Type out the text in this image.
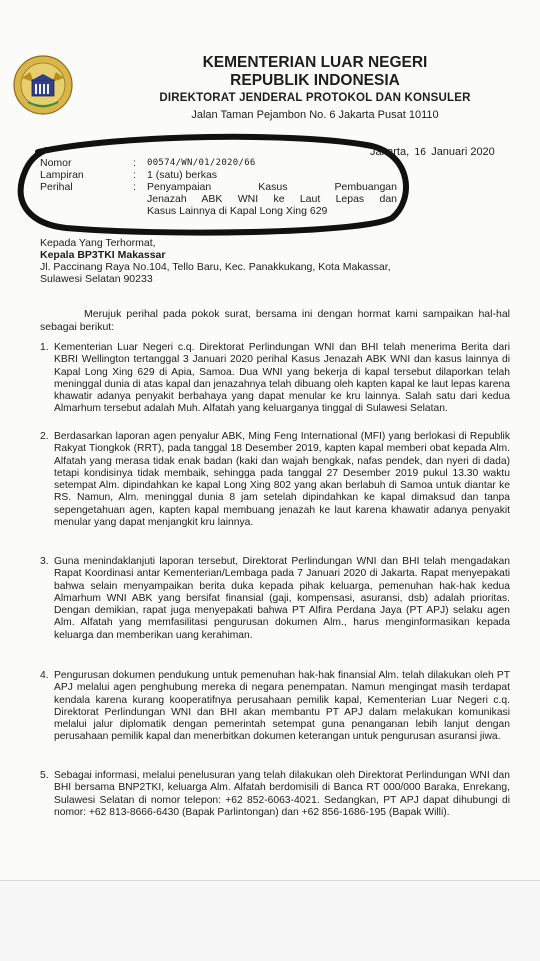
KEMENTERIAN LUAR NEGERI
REPUBLIK INDONESIA
DIREKTORAT JENDERAL PROTOKOL DAN KONSULER
Jalan Taman Pejambon No. 6 Jakarta Pusat 10110
Jakarta, 16 Januari 2020
Nomor	: 00574/WN/01/2020/66
Lampiran	: 1 (satu) berkas
Perihal	: Penyampaian Kasus Pembuangan
Jenazah ABK WNI ke Laut Lepas dan
Kasus Lainnya di Kapal Long Xing 629
Kepada Yang Terhormat,
Kepala BP3TKI Makassar
Jl. Paccinang Raya No.104, Tello Baru, Kec. Panakkukang, Kota Makassar,
Sulawesi Selatan 90233
Merujuk perihal pada pokok surat, bersama ini dengan hormat kami sampaikan hal-hal sebagai berikut:
1. Kementerian Luar Negeri c.q. Direktorat Perlindungan WNI dan BHI telah menerima Berita dari KBRI Wellington tertanggal 3 Januari 2020 perihal Kasus Jenazah ABK WNI dan kasus lainnya di Kapal Long Xing 629 di Apia, Samoa. Dua WNI yang bekerja di kapal tersebut dilaporkan telah meninggal dunia di atas kapal dan jenazahnya telah dibuang oleh kapten kapal ke laut lepas karena khawatir adanya penyakit berbahaya yang dapat menular ke kru lainnya. Salah satu dari kedua Almarhum tersebut adalah Muh. Alfatah yang keluarganya tinggal di Sulawesi Selatan.
2. Berdasarkan laporan agen penyalur ABK, Ming Feng International (MFI) yang berlokasi di Republik Rakyat Tiongkok (RRT), pada tanggal 18 Desember 2019, kapten kapal memberi obat kepada Alm. Alfatah yang merasa tidak enak badan (kaki dan wajah bengkak, nafas pendek, dan nyeri di dada) tetapi kondisinya tidak membaik, sehingga pada tanggal 27 Desember 2019 pukul 13.30 waktu setempat Alm. dipindahkan ke kapal Long Xing 802 yang akan berlabuh di Samoa untuk diantar ke RS. Namun, Alm. meninggal dunia 8 jam setelah dipindahkan ke kapal dimaksud dan tanpa sepengetahuan agen, kapten kapal membuang jenazah ke laut karena khawatir adanya penyakit menular yang dapat menjangkit kru lainnya.
3. Guna menindaklanjuti laporan tersebut, Direktorat Perlindungan WNI dan BHI telah mengadakan Rapat Koordinasi antar Kementerian/Lembaga pada 7 Januari 2020 di Jakarta. Rapat menyepakati bahwa selain menyampaikan berita duka kepada pihak keluarga, pemenuhan hak-hak kedua Almarhum WNI ABK yang bersifat finansial (gaji, kompensasi, asuransi, dsb) adalah prioritas. Dengan demikian, rapat juga menyepakati bahwa PT Alfira Perdana Jaya (PT APJ) selaku agen Alm. Alfatah yang memfasilitasi pengurusan dokumen Alm., harus menginformasikan kepada keluarga dan memberikan uang kerahiman.
4. Pengurusan dokumen pendukung untuk pemenuhan hak-hak finansial Alm. telah dilakukan oleh PT APJ melalui agen penghubung mereka di negara penempatan. Namun mengingat masih terdapat kendala karena kurang kooperatifnya perusahaan pemilik kapal, Kementerian Luar Negeri c.q. Direktorat Perlindungan WNI dan BHI akan membantu PT APJ dalam melakukan komunikasi melalui jalur diplomatik dengan pemerintah setempat guna penanganan lebih lanjut dengan perusahaan pemilik kapal dan menerbitkan dokumen keterangan untuk pengurusan asuransi jiwa.
5. Sebagai informasi, melalui penelusuran yang telah dilakukan oleh Direktorat Perlindungan WNI dan BHI bersama BNP2TKI, keluarga Alm. Alfatah berdomisili di Banca RT 000/000 Baraka, Enrekang, Sulawesi Selatan di nomor telepon: +62 852-6063-4021. Sedangkan, PT APJ dapat dihubungi di nomor: +62 813-8666-6430 (Bapak Parlintongan) dan +62 856-1686-195 (Bapak Willi).
